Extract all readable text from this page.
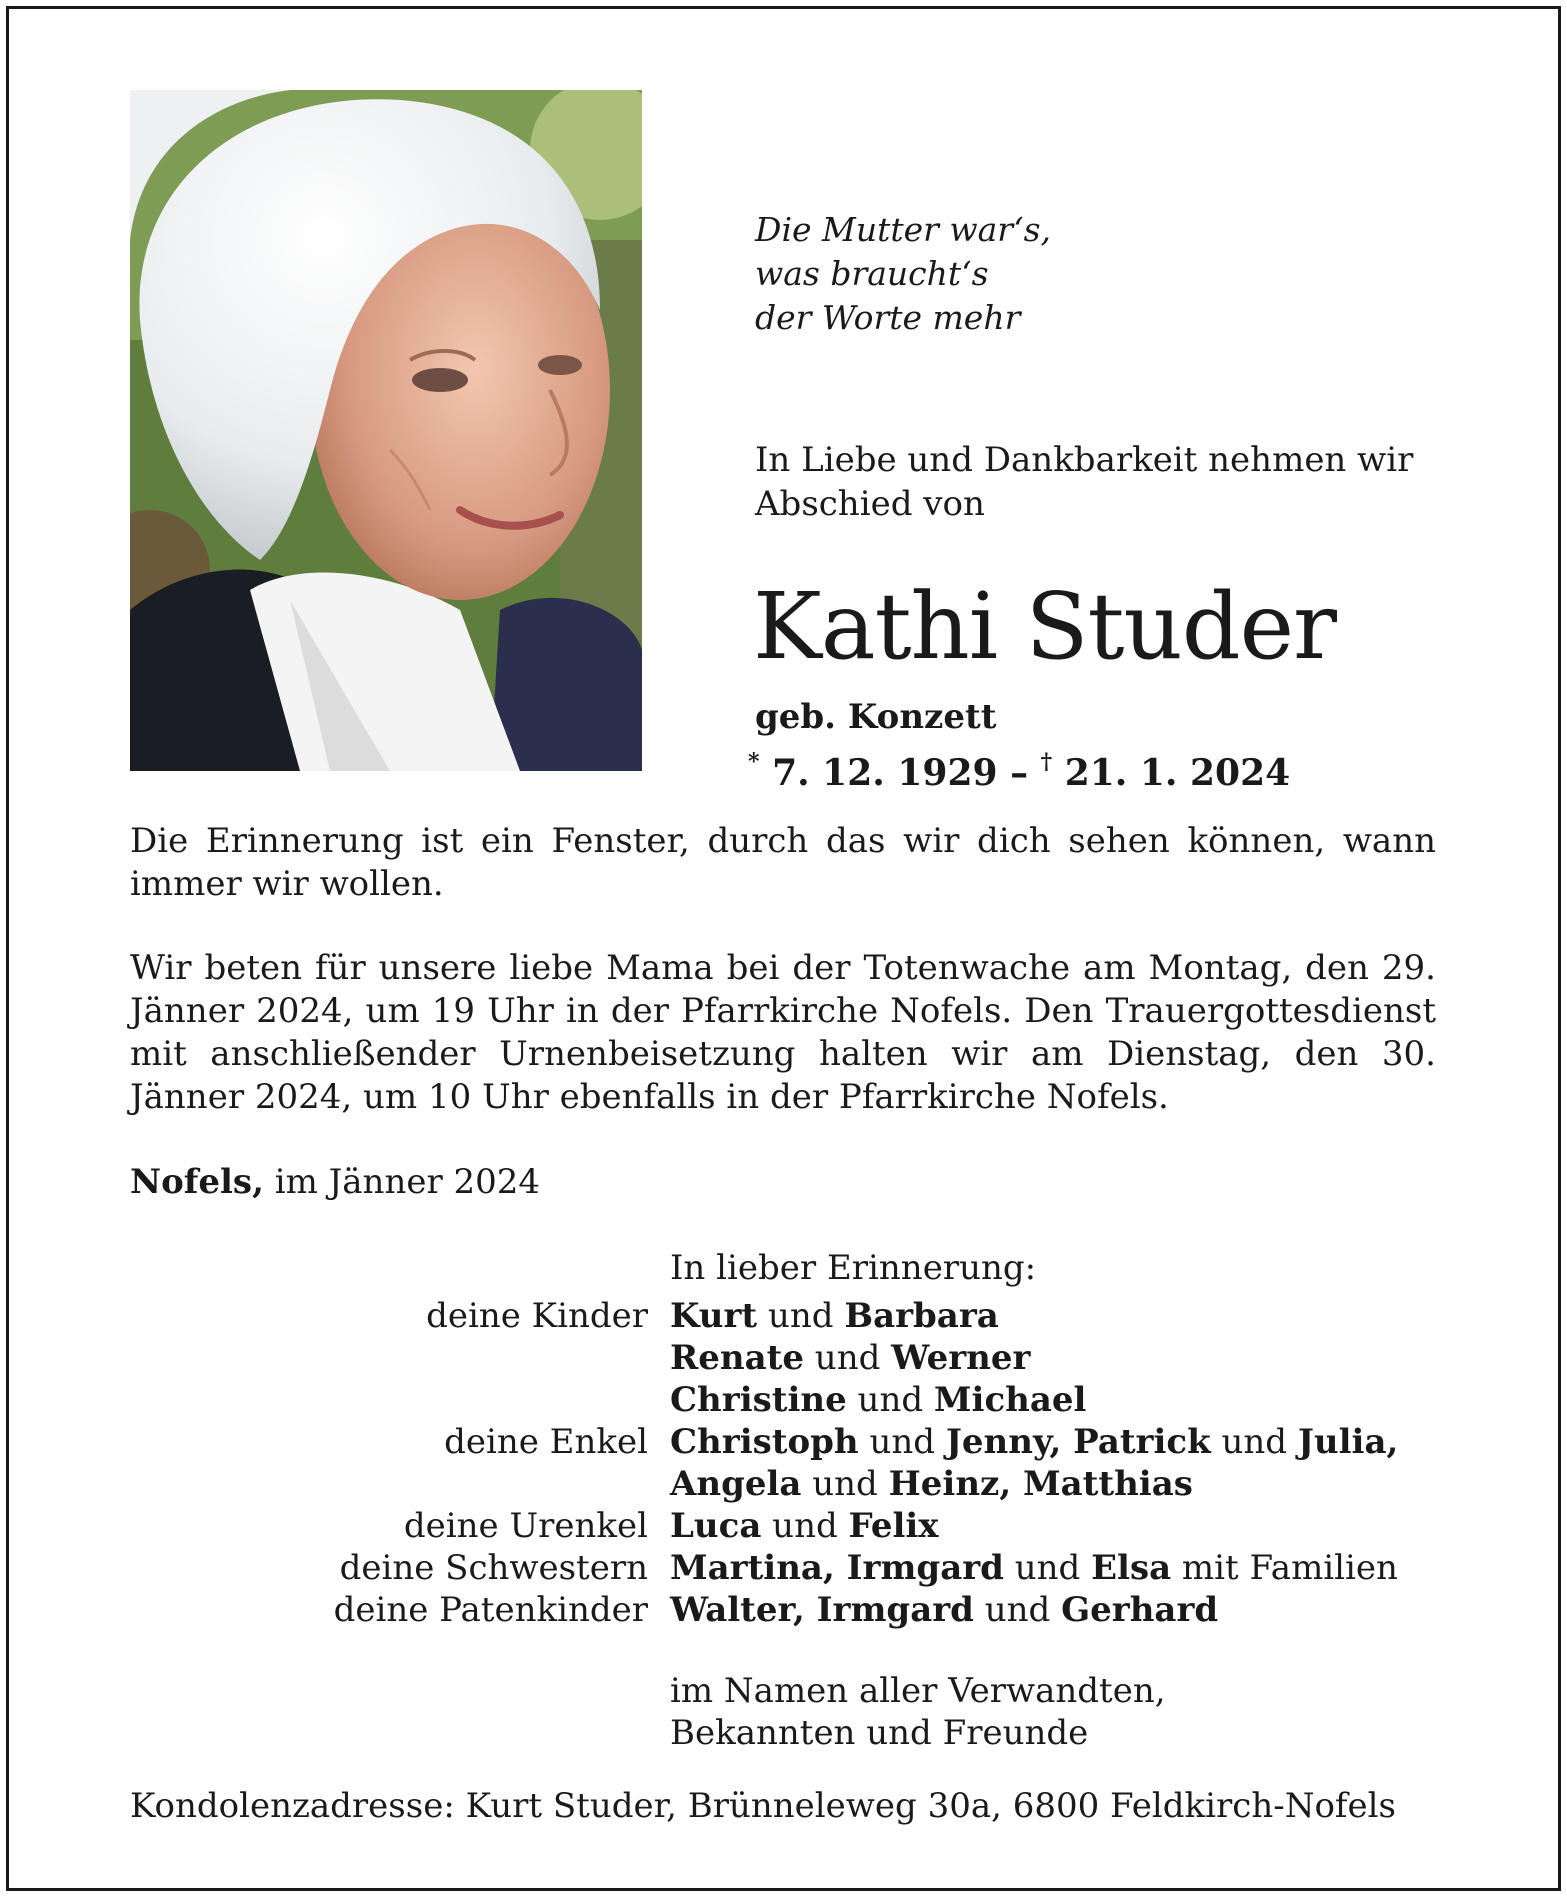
Die Mutter war‘s,
was braucht‘s
der Worte mehr
In Liebe und Dankbarkeit nehmen wir Abschied von
Kathi Studer
geb. Konzett
* 7. 12. 1929 – † 21. 1. 2024
Die Erinnerung ist ein Fenster, durch das wir dich sehen können, wann immer wir wollen.
Wir beten für unsere liebe Mama bei der Totenwache am Montag, den 29. Jänner 2024, um 19 Uhr in der Pfarrkirche Nofels. Den Trauergottesdienst mit anschließender Urnenbeisetzung halten wir am Dienstag, den 30. Jänner 2024, um 10 Uhr ebenfalls in der Pfarrkirche Nofels.
Nofels, im Jänner 2024
In lieber Erinnerung:
deine Kinder Kurt und Barbara
Renate und Werner
Christine und Michael
deine Enkel Christoph und Jenny, Patrick und Julia,
Angela und Heinz, Matthias
deine Urenkel Luca und Felix
deine Schwestern Martina, Irmgard und Elsa mit Familien
deine Patenkinder Walter, Irmgard und Gerhard
im Namen aller Verwandten,
Bekannten und Freunde
Kondolenzadresse: Kurt Studer, Brünneleweg 30a, 6800 Feldkirch-Nofels
